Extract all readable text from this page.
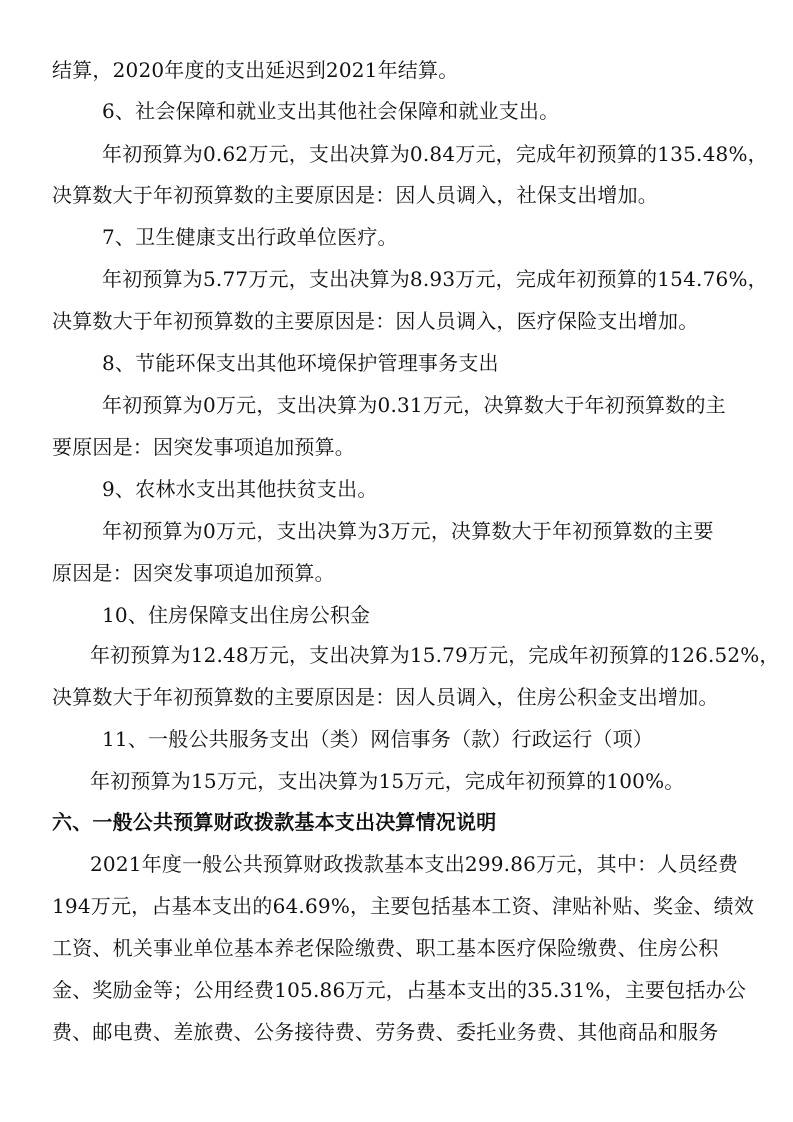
结算，2020年度的支出延迟到2021年结算。
6、社会保障和就业支出其他社会保障和就业支出。
年初预算为0.62万元，支出决算为0.84万元，完成年初预算的135.48%，
决算数大于年初预算数的主要原因是：因人员调入，社保支出增加。
7、卫生健康支出行政单位医疗。
年初预算为5.77万元，支出决算为8.93万元，完成年初预算的154.76%，
决算数大于年初预算数的主要原因是：因人员调入，医疗保险支出增加。
8、节能环保支出其他环境保护管理事务支出
年初预算为0万元，支出决算为0.31万元，决算数大于年初预算数的主
要原因是：因突发事项追加预算。
9、农林水支出其他扶贫支出。
年初预算为0万元，支出决算为3万元，决算数大于年初预算数的主要
原因是：因突发事项追加预算。
10、住房保障支出住房公积金
年初预算为12.48万元，支出决算为15.79万元，完成年初预算的126.52%，
决算数大于年初预算数的主要原因是：因人员调入，住房公积金支出增加。
11、一般公共服务支出（类）网信事务（款）行政运行（项）
年初预算为15万元，支出决算为15万元，完成年初预算的100%。
六、一般公共预算财政拨款基本支出决算情况说明
2021年度一般公共预算财政拨款基本支出299.86万元，其中：人员经费
194万元，占基本支出的64.69%，主要包括基本工资、津贴补贴、奖金、绩效
工资、机关事业单位基本养老保险缴费、职工基本医疗保险缴费、住房公积
金、奖励金等；公用经费105.86万元，占基本支出的35.31%，主要包括办公
费、邮电费、差旅费、公务接待费、劳务费、委托业务费、其他商品和服务
